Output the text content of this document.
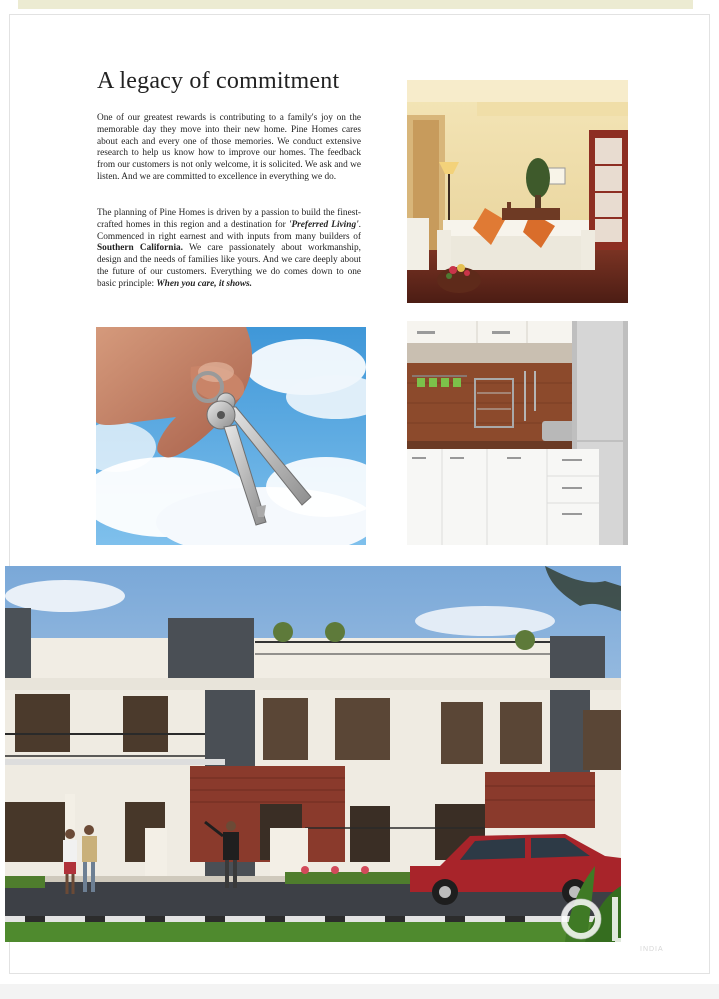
A legacy of commitment

One of our greatest rewards is contributing to a family's joy on the memorable day they move into their new home. Pine Homes cares about each and every one of those memories. We conduct extensive research to help us know how to improve our homes. The feedback from our customers is not only welcome, it is solicited. We ask and we listen. And we are committed to excellence in everything we do.

The planning of Pine Homes is driven by a passion to build the finest-crafted homes in this region and a destination for 'Preferred Living'. Commenced in right earnest and with inputs from many builders of Southern California. We care passionately about workmanship, design and the needs of families like yours. And we care deeply about the future of our customers. Everything we do comes down to one basic principle: When you care, it shows.

INDIA
